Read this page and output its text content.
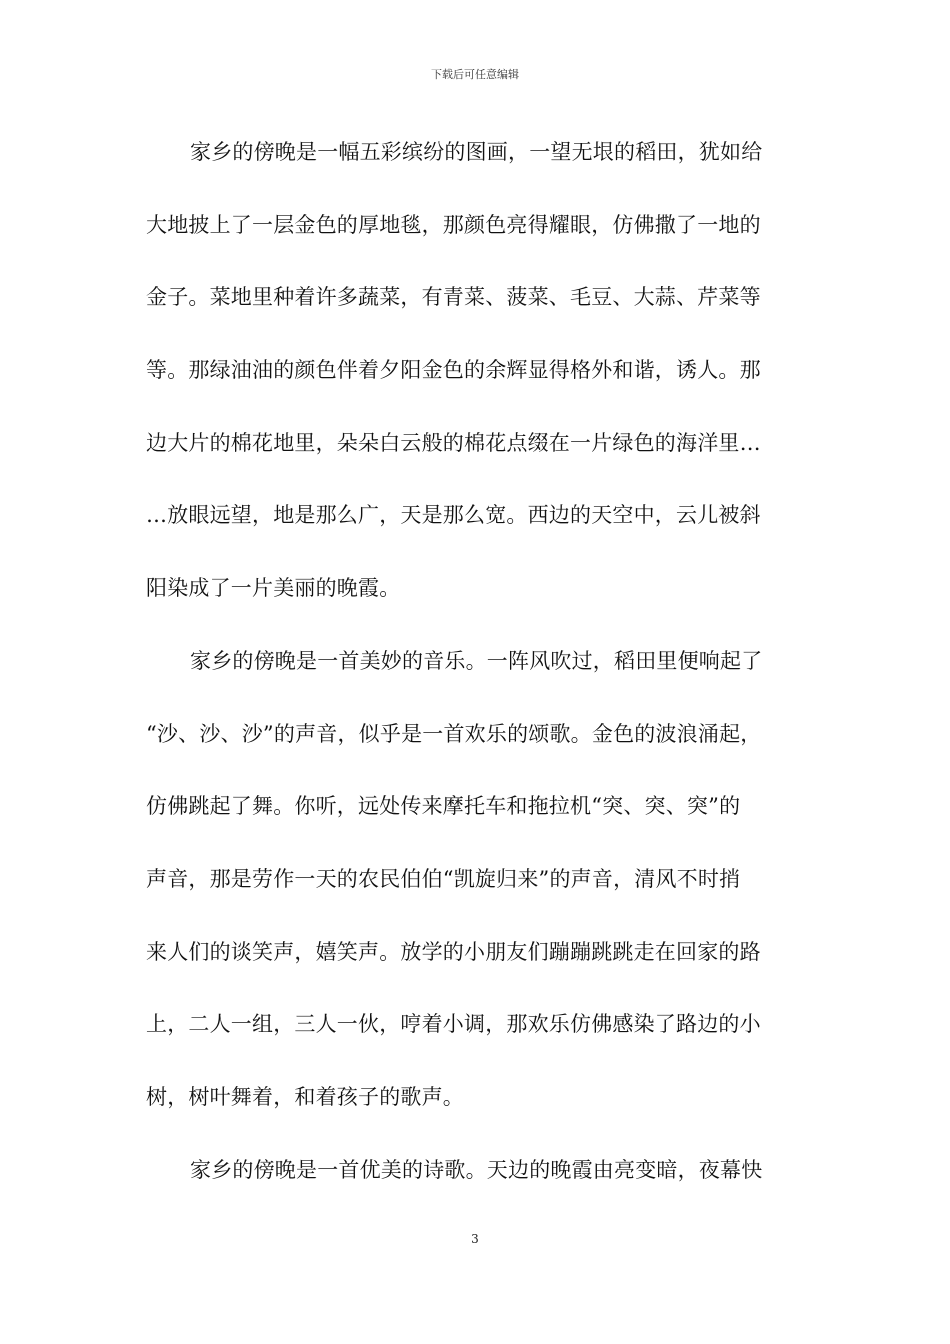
下载后可任意编辑
家乡的傍晚是一幅五彩缤纷的图画，一望无垠的稻田，犹如给
大地披上了一层金色的厚地毯，那颜色亮得耀眼，仿佛撒了一地的
金子。菜地里种着许多蔬菜，有青菜、菠菜、毛豆、大蒜、芹菜等
等。那绿油油的颜色伴着夕阳金色的余辉显得格外和谐，诱人。那
边大片的棉花地里，朵朵白云般的棉花点缀在一片绿色的海洋里…
…放眼远望，地是那么广，天是那么宽。西边的天空中，云儿被斜
阳染成了一片美丽的晚霞。
家乡的傍晚是一首美妙的音乐。一阵风吹过，稻田里便响起了
“沙、沙、沙”的声音，似乎是一首欢乐的颂歌。金色的波浪涌起，
仿佛跳起了舞。你听，远处传来摩托车和拖拉机“突、突、突”的
声音，那是劳作一天的农民伯伯“凯旋归来”的声音，清风不时捎
来人们的谈笑声，嬉笑声。放学的小朋友们蹦蹦跳跳走在回家的路
上，二人一组，三人一伙，哼着小调，那欢乐仿佛感染了路边的小
树，树叶舞着，和着孩子的歌声。
家乡的傍晚是一首优美的诗歌。天边的晚霞由亮变暗，夜幕快
3
